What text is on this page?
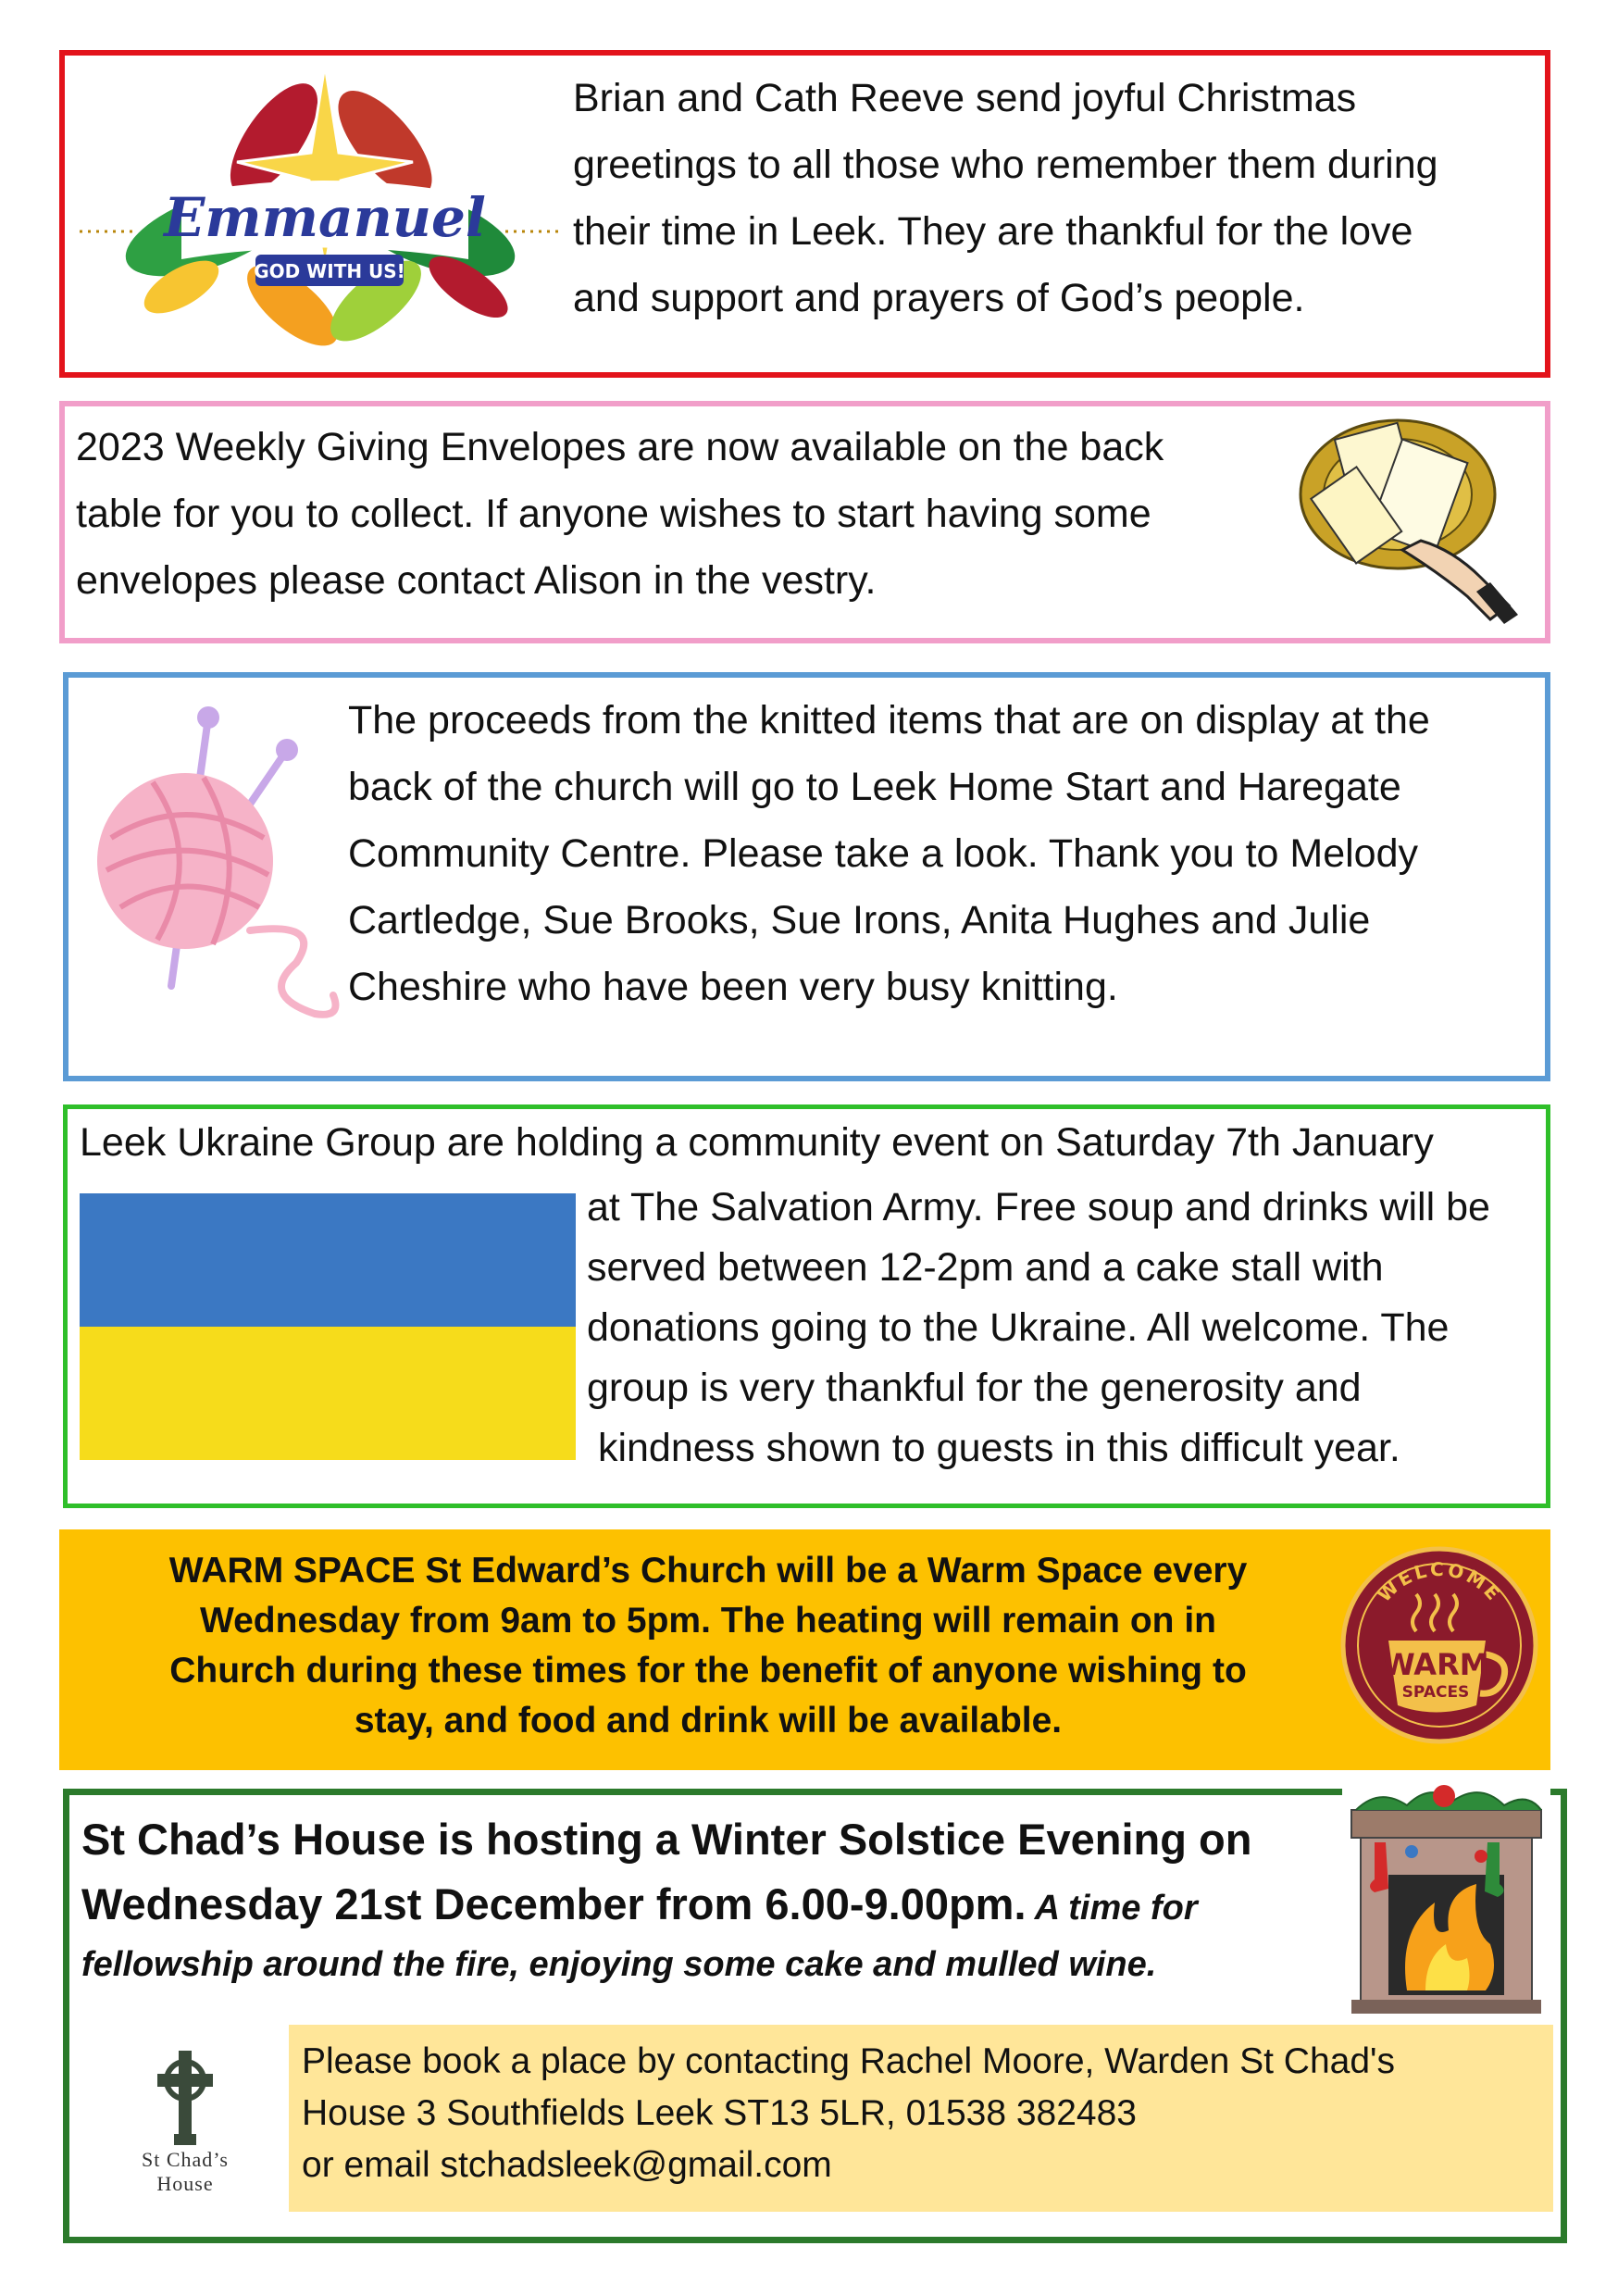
Emmanuel
GOD WITH US!
Brian and Cath Reeve send joyful Christmas
greetings to all those who remember them during
their time in Leek. They are thankful for the love
and support and prayers of God’s people.
2023 Weekly Giving Envelopes are now available on the back
table for you to collect. If anyone wishes to start having some
envelopes please contact Alison in the vestry.
The proceeds from the knitted items that are on display at the
back of the church will go to Leek Home Start and Haregate
Community Centre. Please take a look. Thank you to Melody
Cartledge, Sue Brooks, Sue Irons, Anita Hughes and Julie
Cheshire who have been very busy knitting.
Leek Ukraine Group are holding a community event on Saturday 7th January
at The Salvation Army. Free soup and drinks will be
served between 12-2pm and a cake stall with
donations going to the Ukraine. All welcome. The
group is very thankful for the generosity and
kindness shown to guests in this difficult year.
WARM SPACE St Edward’s Church will be a Warm Space every
Wednesday from 9am to 5pm. The heating will remain on in
Church during these times for the benefit of anyone wishing to
stay, and food and drink will be available.
WELCOME
WARM
SPACES
St Chad’s House is hosting a Winter Solstice Evening on
Wednesday 21st December from 6.00-9.00pm. A time for
fellowship around the fire, enjoying some cake and mulled wine.
St Chad’s
House
Please book a place by contacting Rachel Moore, Warden St Chad's
House 3 Southfields Leek ST13 5LR, 01538 382483
or email stchadsleek@gmail.com
